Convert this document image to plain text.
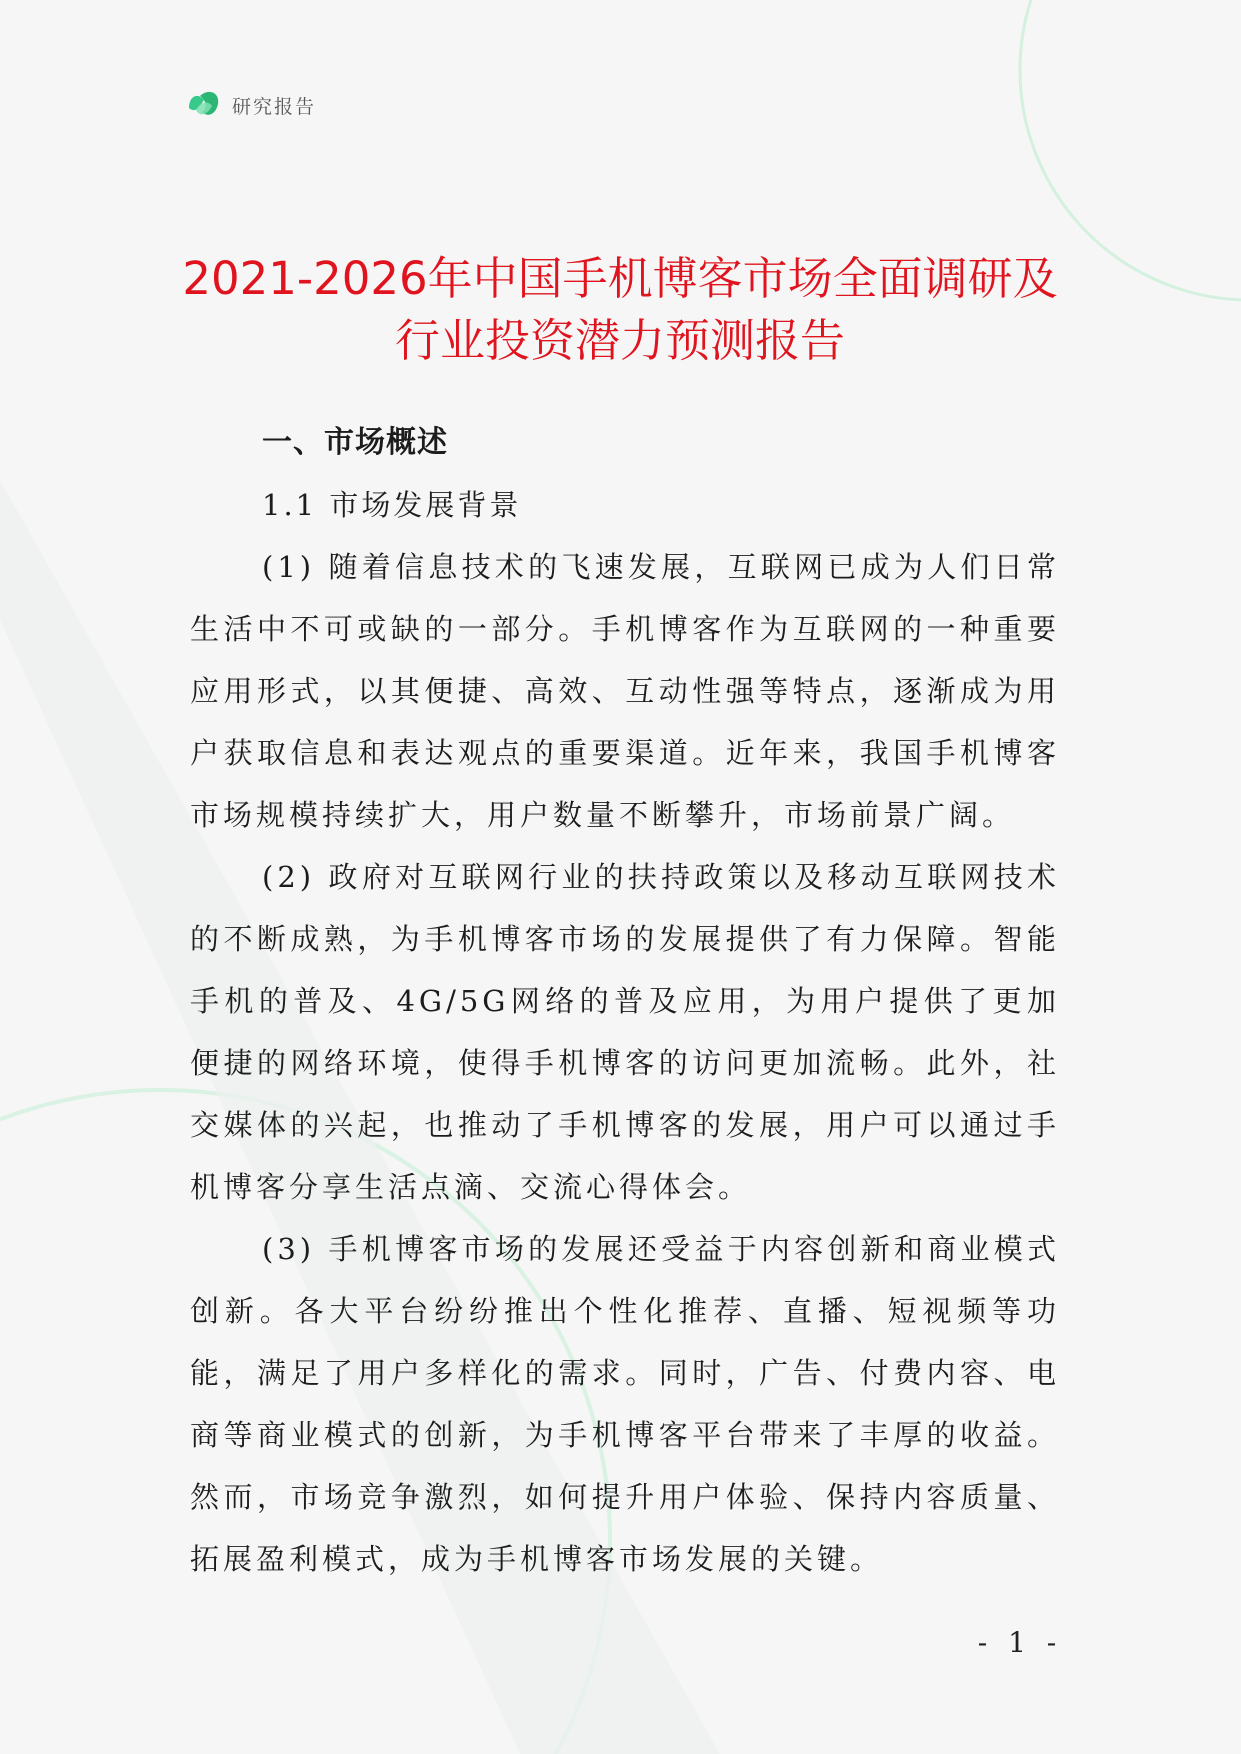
研究报告
2021-2026年中国手机博客市场全面调研及
行业投资潜力预测报告
一、市场概述
1.1 市场发展背景

(1) 随着信息技术的飞速发展，互联网已成为人们日常生活中不可或缺的一部分。手机博客作为互联网的一种重要应用形式，以其便捷、高效、互动性强等特点，逐渐成为用户获取信息和表达观点的重要渠道。近年来，我国手机博客市场规模持续扩大，用户数量不断攀升，市场前景广阔。

(2) 政府对互联网行业的扶持政策以及移动互联网技术的不断成熟，为手机博客市场的发展提供了有力保障。智能手机的普及、4G/5G网络的普及应用，为用户提供了更加便捷的网络环境，使得手机博客的访问更加流畅。此外，社交媒体的兴起，也推动了手机博客的发展，用户可以通过手机博客分享生活点滴、交流心得体会。

(3) 手机博客市场的发展还受益于内容创新和商业模式创新。各大平台纷纷推出个性化推荐、直播、短视频等功能，满足了用户多样化的需求。同时，广告、付费内容、电商等商业模式的创新，为手机博客平台带来了丰厚的收益。然而，市场竞争激烈，如何提升用户体验、保持内容质量、拓展盈利模式，成为手机博客市场发展的关键。

- 1 -
